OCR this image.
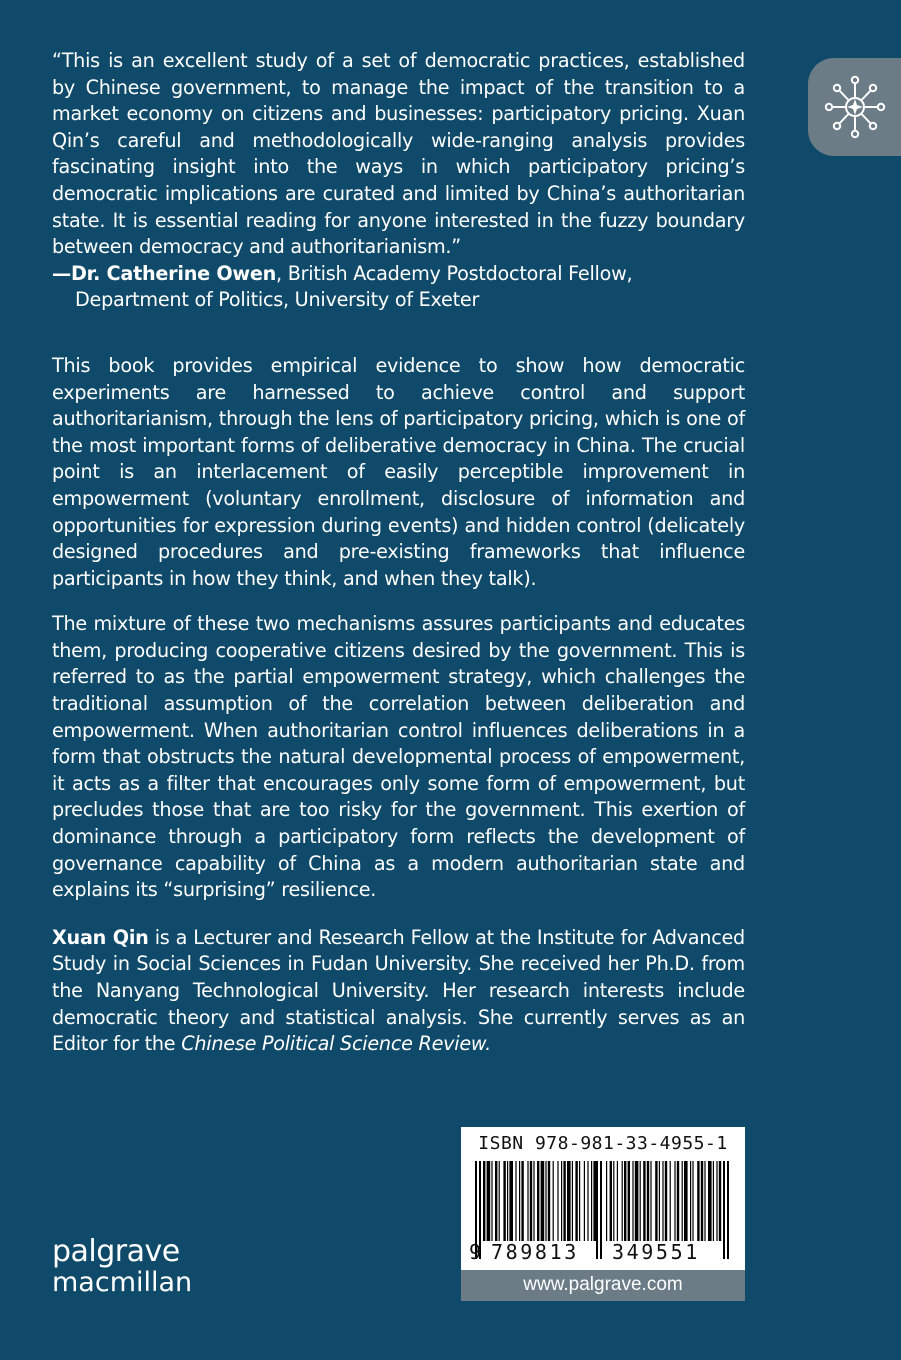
“This is an excellent study of a set of democratic practices, established by Chinese government, to manage the impact of the transition to a market economy on citizens and businesses: participatory pricing. Xuan Qin’s careful and methodologically wide-ranging analysis provides fascinating insight into the ways in which participatory pricing’s democratic implications are curated and limited by China’s authoritarian state. It is essential reading for anyone interested in the fuzzy boundary between democracy and authoritarianism.”

—Dr. Catherine Owen, British Academy Postdoctoral Fellow, Department of Politics, University of Exeter

This book provides empirical evidence to show how democratic experiments are harnessed to achieve control and support authoritarianism, through the lens of participatory pricing, which is one of the most important forms of deliberative democracy in China. The crucial point is an interlacement of easily perceptible improvement in empowerment (voluntary enrollment, disclosure of information and opportunities for expression during events) and hidden control (delicately designed procedures and pre-existing frameworks that influence participants in how they think, and when they talk).

The mixture of these two mechanisms assures participants and educates them, producing cooperative citizens desired by the government. This is referred to as the partial empowerment strategy, which challenges the traditional assumption of the correlation between deliberation and empowerment. When authoritarian control influences deliberations in a form that obstructs the natural developmental process of empowerment, it acts as a filter that encourages only some form of empowerment, but precludes those that are too risky for the government. This exertion of dominance through a participatory form reflects the development of governance capability of China as a modern authoritarian state and explains its “surprising” resilience.

Xuan Qin is a Lecturer and Research Fellow at the Institute for Advanced Study in Social Sciences in Fudan University. She received her Ph.D. from the Nanyang Technological University. Her research interests include democratic theory and statistical analysis. She currently serves as an Editor for the Chinese Political Science Review.

ISBN 978-981-33-4955-1
9 789813 349551
www.palgrave.com
palgrave
macmillan
